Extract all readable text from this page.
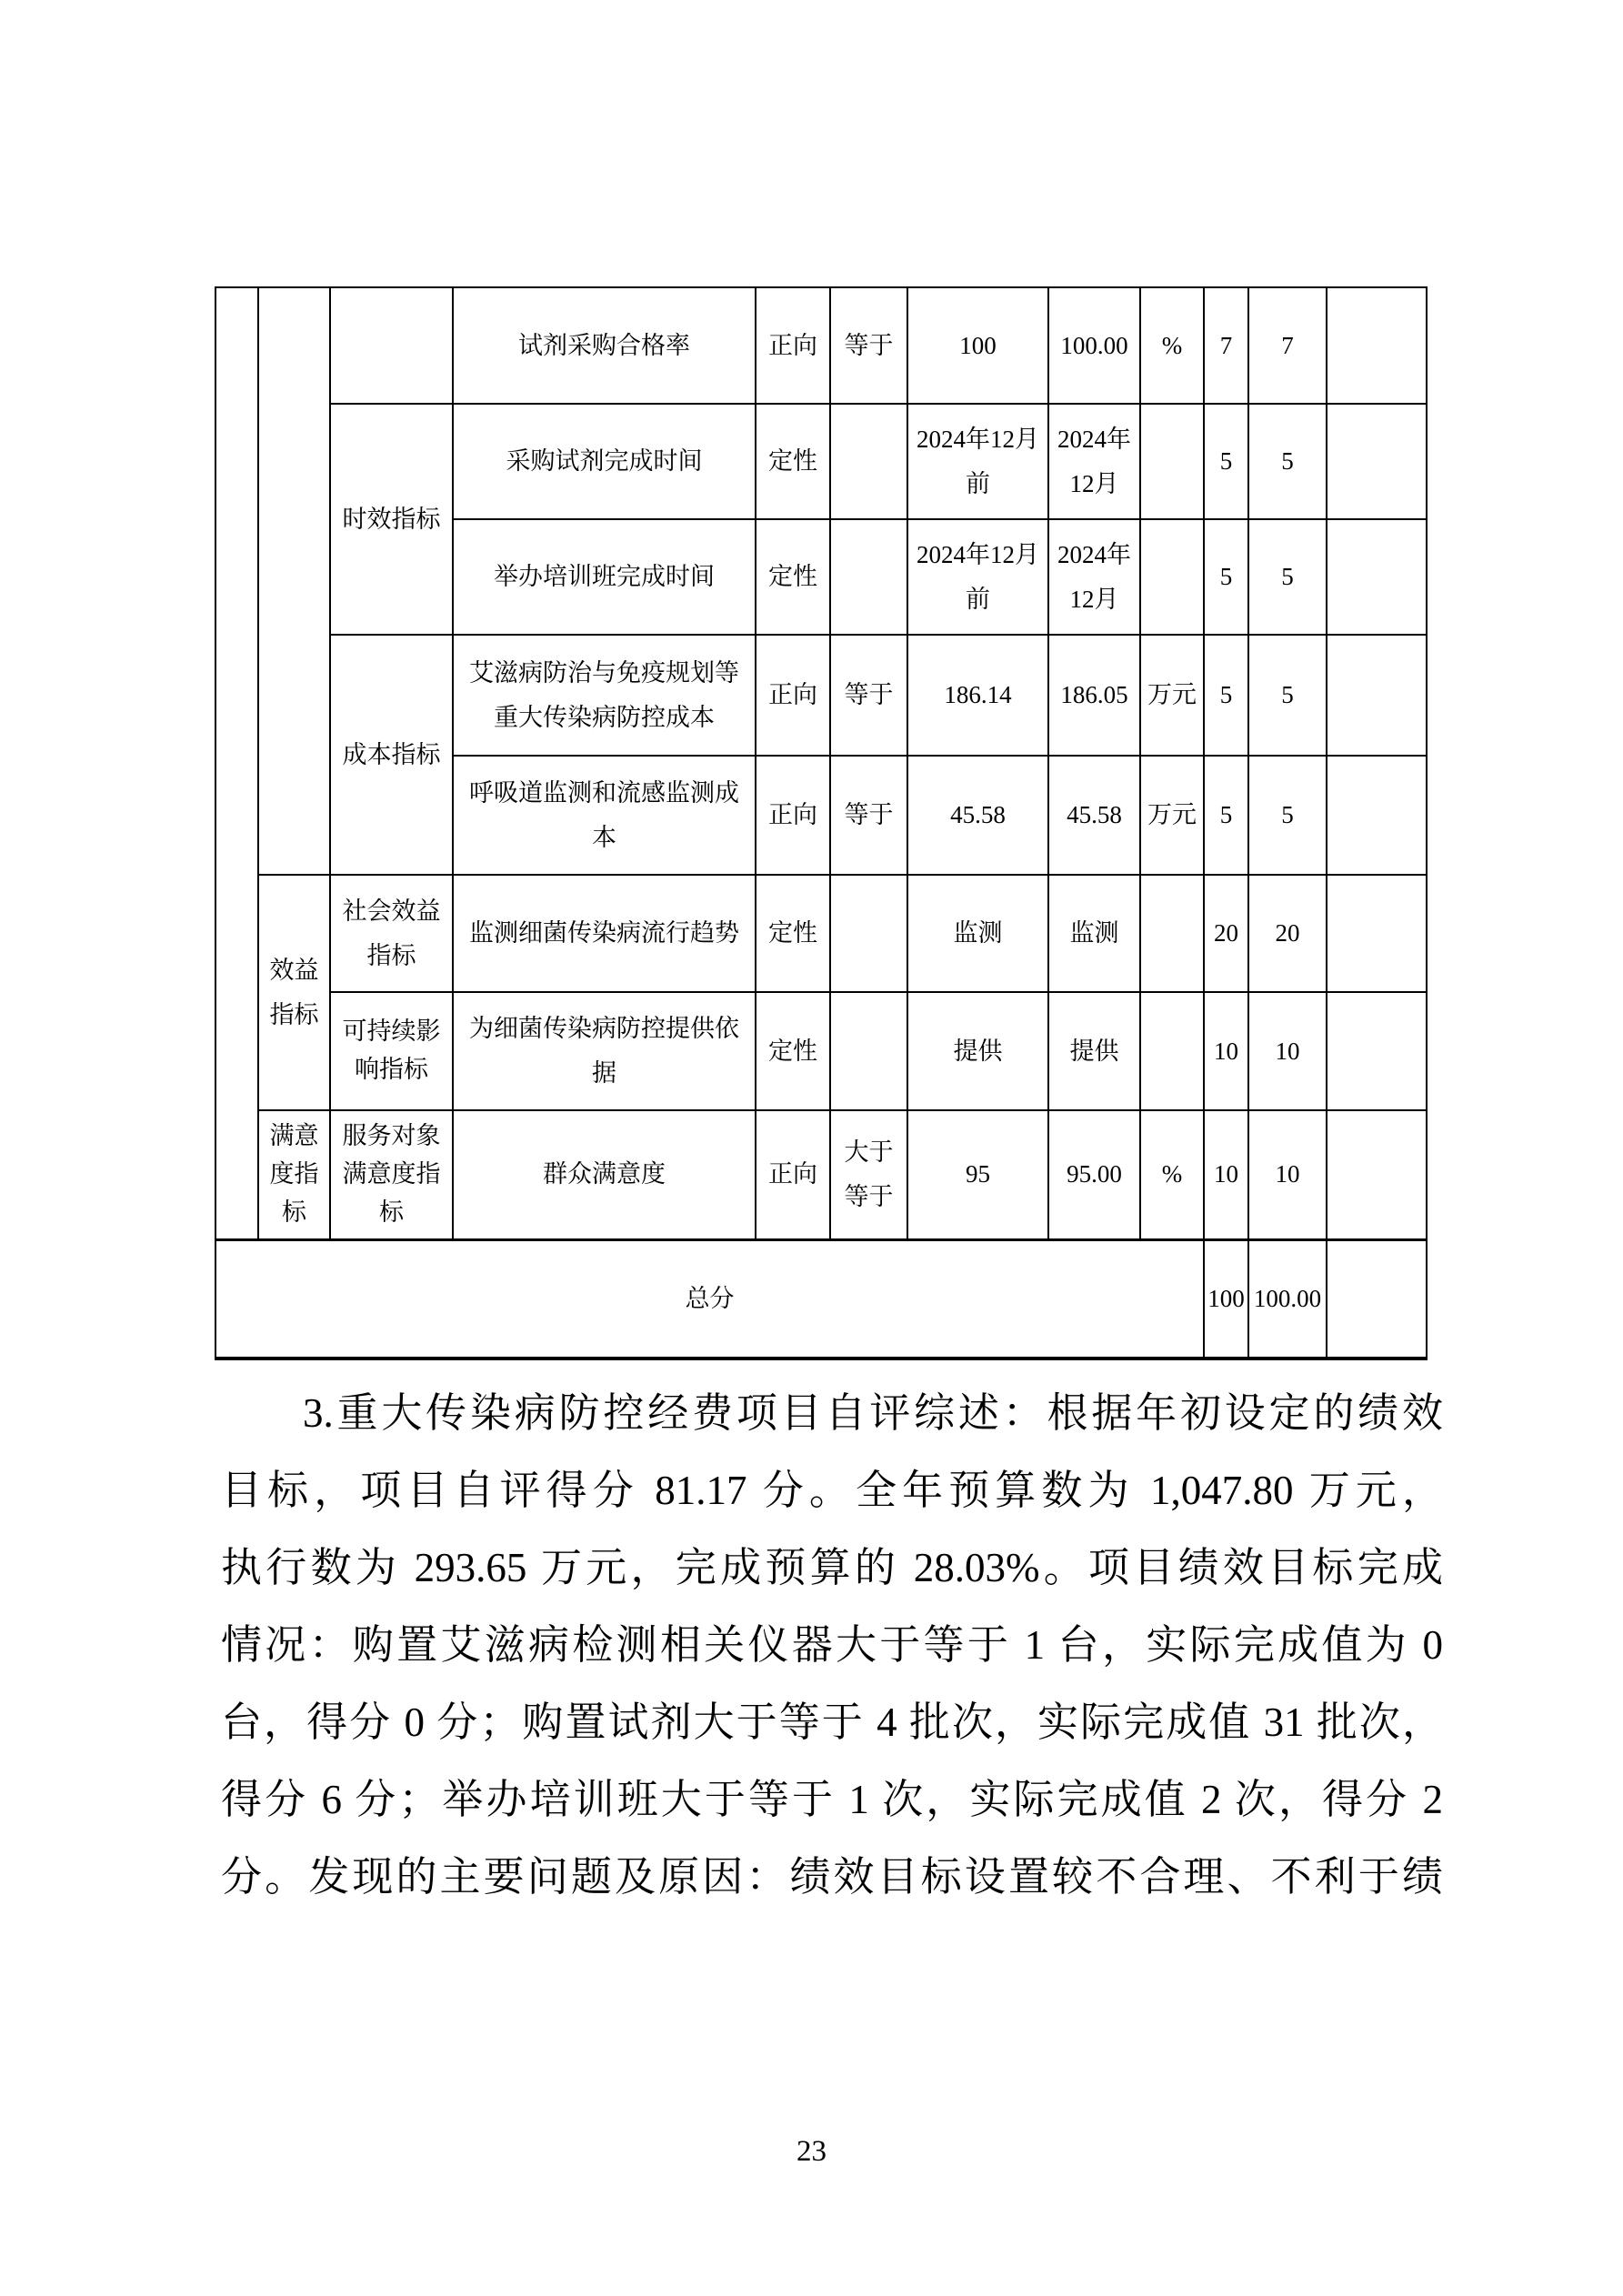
			试剂采购合格率	正向	等于	100	100.00	%	7	7	
		时效指标	采购试剂完成时间	定性		2024年12月前	2024年12月		5	5	
			举办培训班完成时间	定性		2024年12月前	2024年12月		5	5	
		成本指标	艾滋病防治与免疫规划等重大传染病防控成本	正向	等于	186.14	186.05	万元	5	5	
			呼吸道监测和流感监测成本	正向	等于	45.58	45.58	万元	5	5	
	效益指标	社会效益指标	监测细菌传染病流行趋势	定性		监测	监测		20	20	
		可持续影响指标	为细菌传染病防控提供依据	定性		提供	提供		10	10	
	满意度指标	服务对象满意度指标	群众满意度	正向	大于等于	95	95.00	%	10	10	
总分									100	100.00	
3.重大传染病防控经费项目自评综述：根据年初设定的绩效
目标，项目自评得分 81.17 分。全年预算数为 1,047.80 万元，
执行数为 293.65 万元，完成预算的 28.03%。项目绩效目标完成
情况：购置艾滋病检测相关仪器大于等于 1 台，实际完成值为 0
台，得分 0 分；购置试剂大于等于 4 批次，实际完成值 31 批次，
得分 6 分；举办培训班大于等于 1 次，实际完成值 2 次，得分 2
分。发现的主要问题及原因：绩效目标设置较不合理、不利于绩
23
